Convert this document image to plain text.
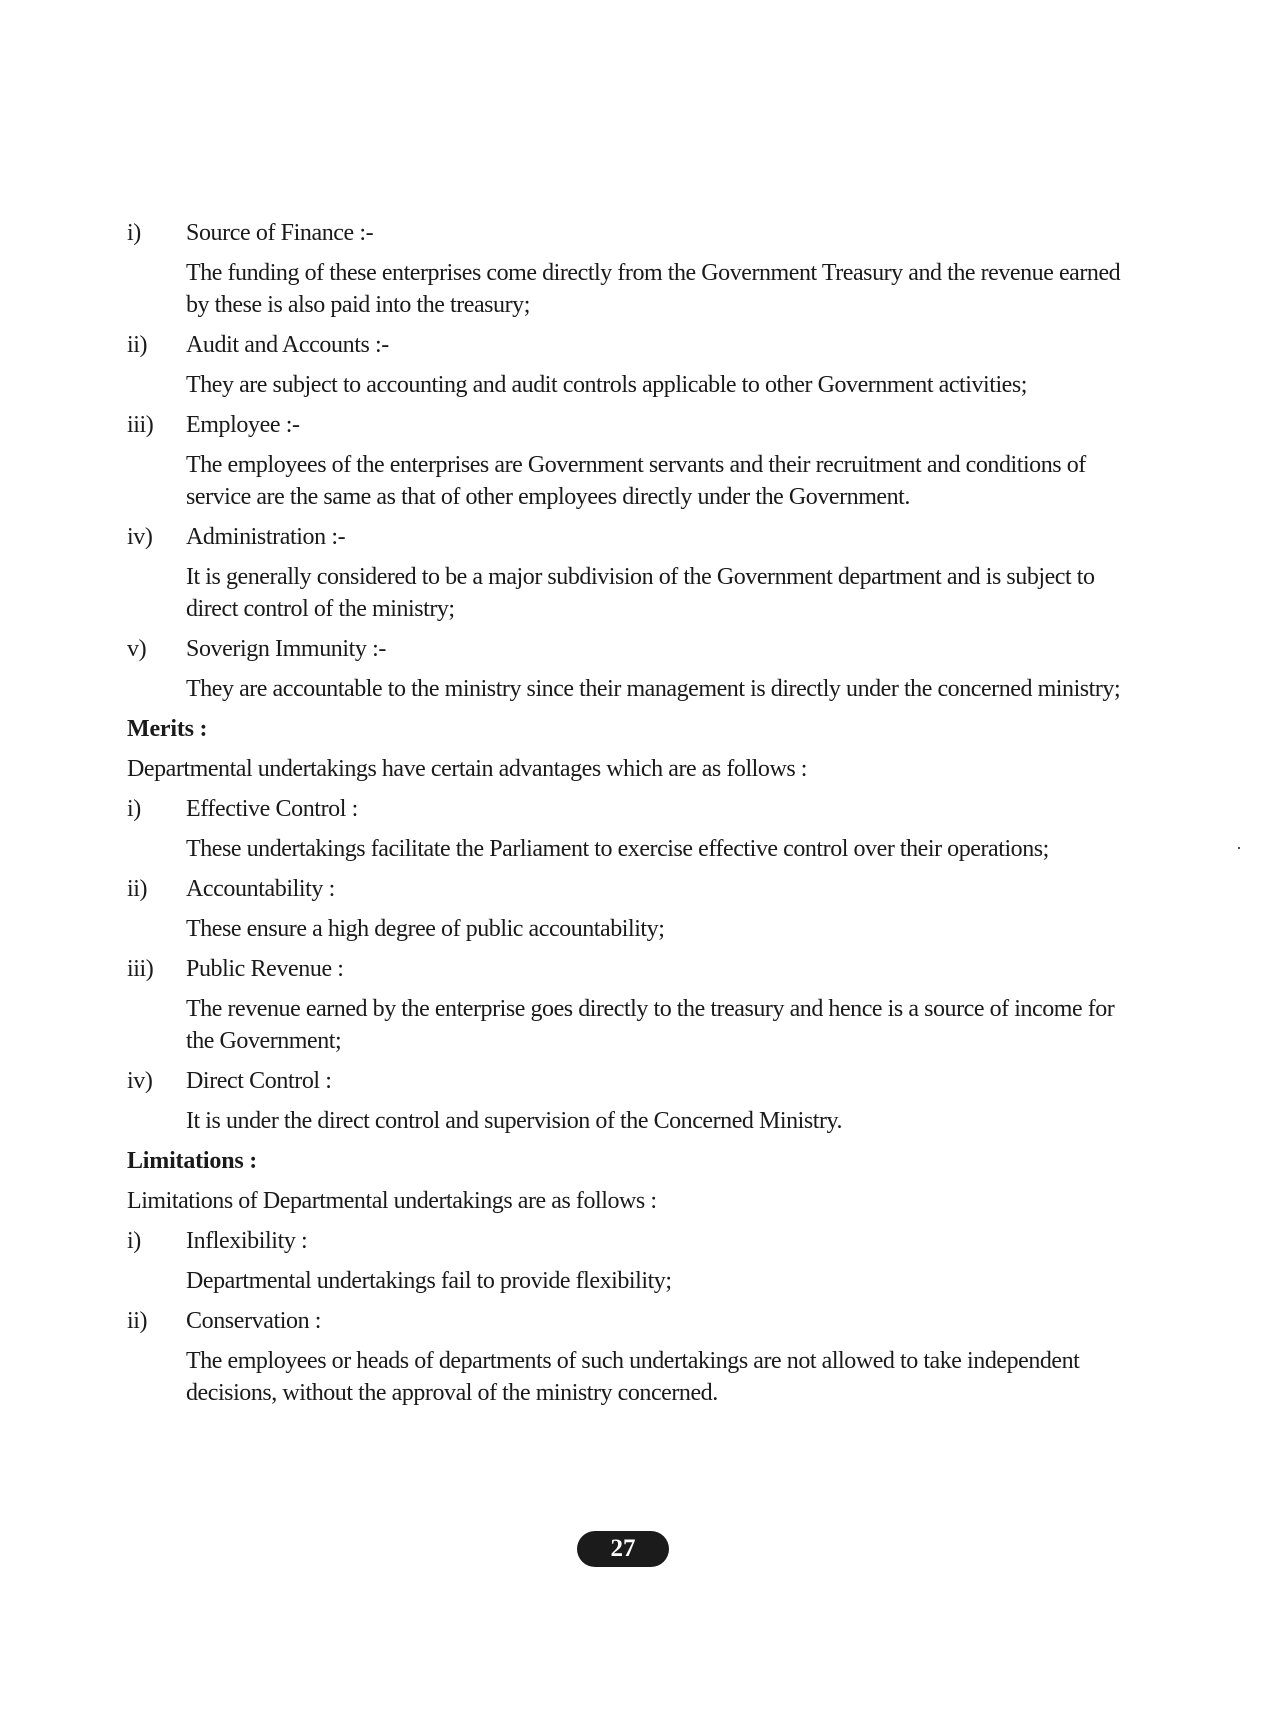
i)	Source of Finance :-
The funding of these enterprises come directly from the Government Treasury and the revenue earned by these is also paid into the treasury;
ii)	Audit and Accounts :-
They are subject to accounting and audit controls applicable to other Government activities;
iii)	Employee :-
The employees of the enterprises are Government servants and their recruitment and conditions of service are the same as that of other employees directly under the Government.
iv)	Administration :-
It is generally considered to be a major subdivision of the Government department and is subject to direct control of the ministry;
v)	Soverign Immunity :-
They are accountable to the ministry since their management is directly under the concerned ministry;
Merits :
Departmental undertakings have certain advantages which are as follows :
i)	Effective Control :
These undertakings facilitate the Parliament to exercise effective control over their operations;
ii)	Accountability :
These ensure a high degree of public accountability;
iii)	Public Revenue :
The revenue earned by the enterprise goes directly to the treasury and hence is a source of income for the Government;
iv)	Direct Control :
It is under the direct control and supervision of the Concerned Ministry.
Limitations :
Limitations of Departmental undertakings are as follows :
i)	Inflexibility :
Departmental undertakings fail to provide flexibility;
ii)	Conservation :
The employees or heads of departments of such undertakings are not allowed to take independent decisions, without the approval of the ministry concerned.
27
